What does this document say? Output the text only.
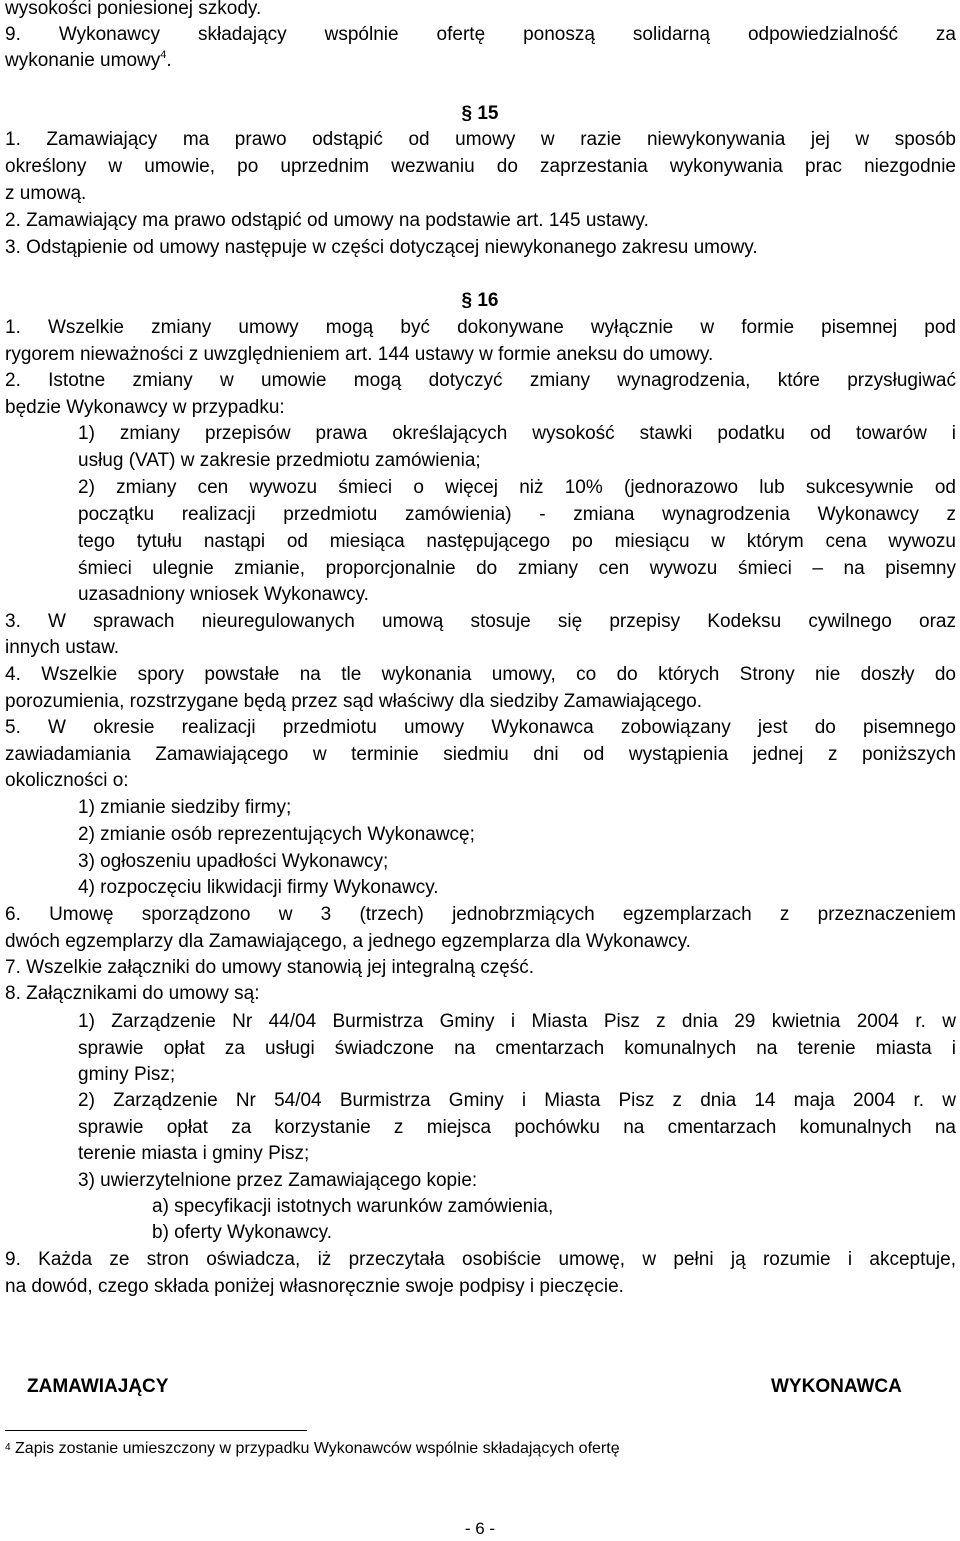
wysokości poniesionej szkody.
9. Wykonawcy składający wspólnie ofertę ponoszą solidarną odpowiedzialność za
wykonanie umowy$^4$.
§ 15
1. Zamawiający ma prawo odstąpić od umowy w razie niewykonywania jej w sposób
określony w umowie, po uprzednim wezwaniu do zaprzestania wykonywania prac niezgodnie
z umową.
2. Zamawiający ma prawo odstąpić od umowy na podstawie art. 145 ustawy.
3. Odstąpienie od umowy następuje w części dotyczącej niewykonanego zakresu umowy.
§ 16
1. Wszelkie zmiany umowy mogą być dokonywane wyłącznie w formie pisemnej pod
rygorem nieważności z uwzględnieniem art. 144 ustawy w formie aneksu do umowy.
2. Istotne zmiany w umowie mogą dotyczyć zmiany wynagrodzenia, które przysługiwać
będzie Wykonawcy w przypadku:
1) zmiany przepisów prawa określających wysokość stawki podatku od towarów i
usług (VAT) w zakresie przedmiotu zamówienia;
2) zmiany cen wywozu śmieci o więcej niż 10% (jednorazowo lub sukcesywnie od
początku realizacji przedmiotu zamówienia) - zmiana wynagrodzenia Wykonawcy z
tego tytułu nastąpi od miesiąca następującego po miesiącu w którym cena wywozu
śmieci ulegnie zmianie, proporcjonalnie do zmiany cen wywozu śmieci – na pisemny
uzasadniony wniosek Wykonawcy.
3. W sprawach nieuregulowanych umową stosuje się przepisy Kodeksu cywilnego oraz
innych ustaw.
4. Wszelkie spory powstałe na tle wykonania umowy, co do których Strony nie doszły do
porozumienia, rozstrzygane będą przez sąd właściwy dla siedziby Zamawiającego.
5. W okresie realizacji przedmiotu umowy Wykonawca zobowiązany jest do pisemnego
zawiadamiania Zamawiającego w terminie siedmiu dni od wystąpienia jednej z poniższych
okoliczności o:
1) zmianie siedziby firmy;
2) zmianie osób reprezentujących Wykonawcę;
3) ogłoszeniu upadłości Wykonawcy;
4) rozpoczęciu likwidacji firmy Wykonawcy.
6. Umowę sporządzono w 3 (trzech) jednobrzmiących egzemplarzach z przeznaczeniem
dwóch egzemplarzy dla Zamawiającego, a jednego egzemplarza dla Wykonawcy.
7. Wszelkie załączniki do umowy stanowią jej integralną część.
8. Załącznikami do umowy są:
1) Zarządzenie Nr 44/04 Burmistrza Gminy i Miasta Pisz z dnia 29 kwietnia 2004 r. w
sprawie opłat za usługi świadczone na cmentarzach komunalnych na terenie miasta i
gminy Pisz;
2) Zarządzenie Nr 54/04 Burmistrza Gminy i Miasta Pisz z dnia 14 maja 2004 r. w
sprawie opłat za korzystanie z miejsca pochówku na cmentarzach komunalnych na
terenie miasta i gminy Pisz;
3) uwierzytelnione przez Zamawiającego kopie:
a) specyfikacji istotnych warunków zamówienia,
b) oferty Wykonawcy.
9. Każda ze stron oświadcza, iż przeczytała osobiście umowę, w pełni ją rozumie i akceptuje,
na dowód, czego składa poniżej własnoręcznie swoje podpisy i pieczęcie.
ZAMAWIAJĄCY	WYKONAWCA
$^4$ Zapis zostanie umieszczony w przypadku Wykonawców wspólnie składających ofertę
- 6 -
